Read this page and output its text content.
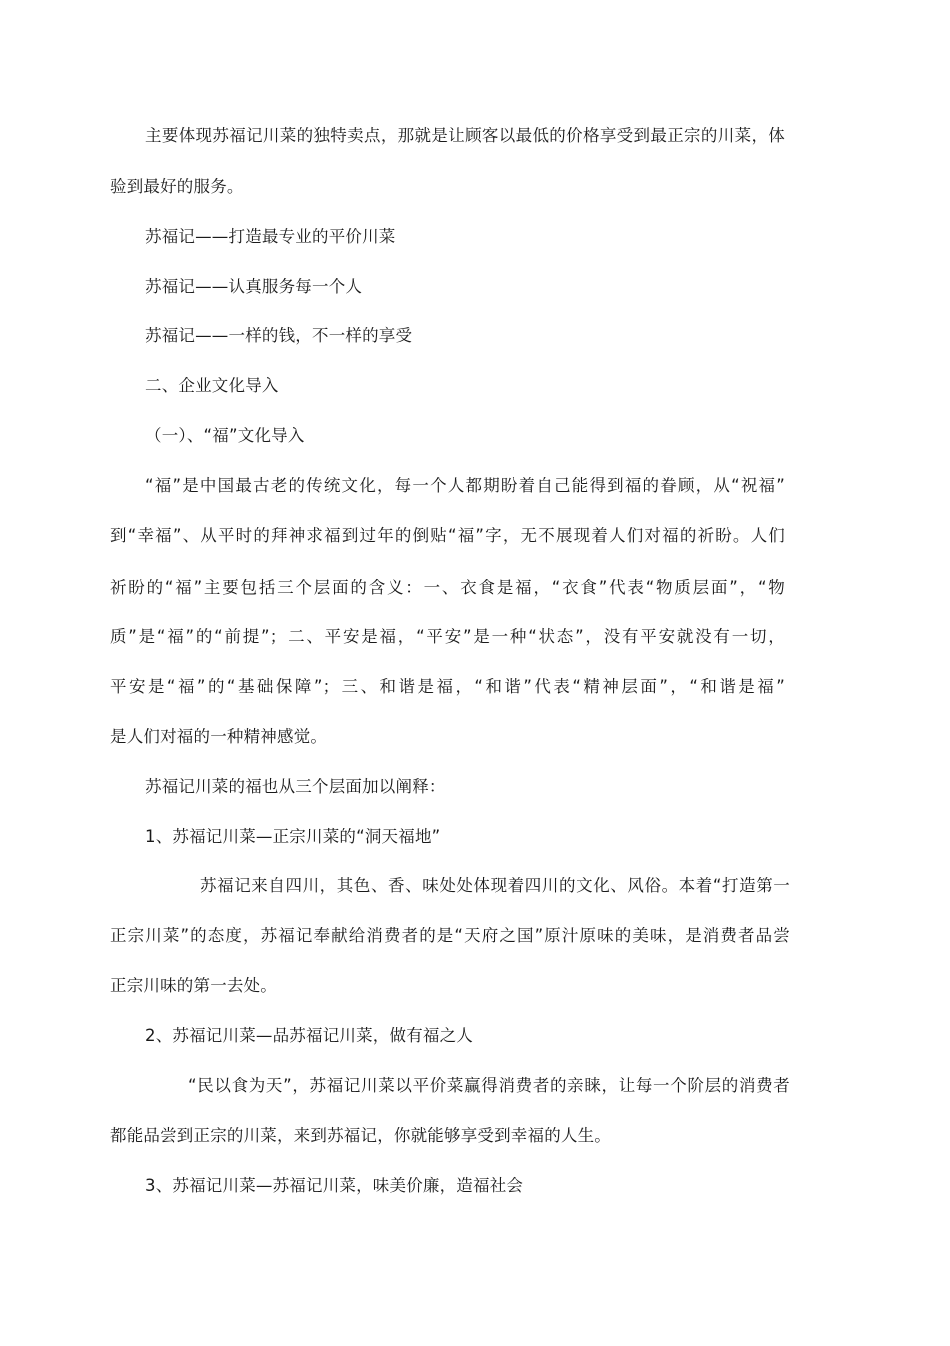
主要体现苏福记川菜的独特卖点，那就是让顾客以最低的价格享受到最正宗的川菜，体
验到最好的服务。
苏福记——打造最专业的平价川菜
苏福记——认真服务每一个人
苏福记——一样的钱，不一样的享受
二、企业文化导入
（一）、“福”文化导入
“福”是中国最古老的传统文化，每一个人都期盼着自己能得到福的眷顾，从“祝福”
到“幸福”、从平时的拜神求福到过年的倒贴“福”字，无不展现着人们对福的祈盼。人们
祈盼的“福”主要包括三个层面的含义：一、衣食是福，“衣食”代表“物质层面”，“物
质”是“福”的“前提”；二、平安是福，“平安”是一种“状态”，没有平安就没有一切，
平安是“福”的“基础保障”；三、和谐是福，“和谐”代表“精神层面”，“和谐是福”
是人们对福的一种精神感觉。
苏福记川菜的福也从三个层面加以阐释：
1、苏福记川菜—正宗川菜的“洞天福地”
苏福记来自四川，其色、香、味处处体现着四川的文化、风俗。本着“打造第一
正宗川菜”的态度，苏福记奉献给消费者的是“天府之国”原汁原味的美味，是消费者品尝
正宗川味的第一去处。
2、苏福记川菜—品苏福记川菜，做有福之人
“民以食为天”，苏福记川菜以平价菜赢得消费者的亲睐，让每一个阶层的消费者
都能品尝到正宗的川菜，来到苏福记，你就能够享受到幸福的人生。
3、苏福记川菜—苏福记川菜，味美价廉，造福社会
